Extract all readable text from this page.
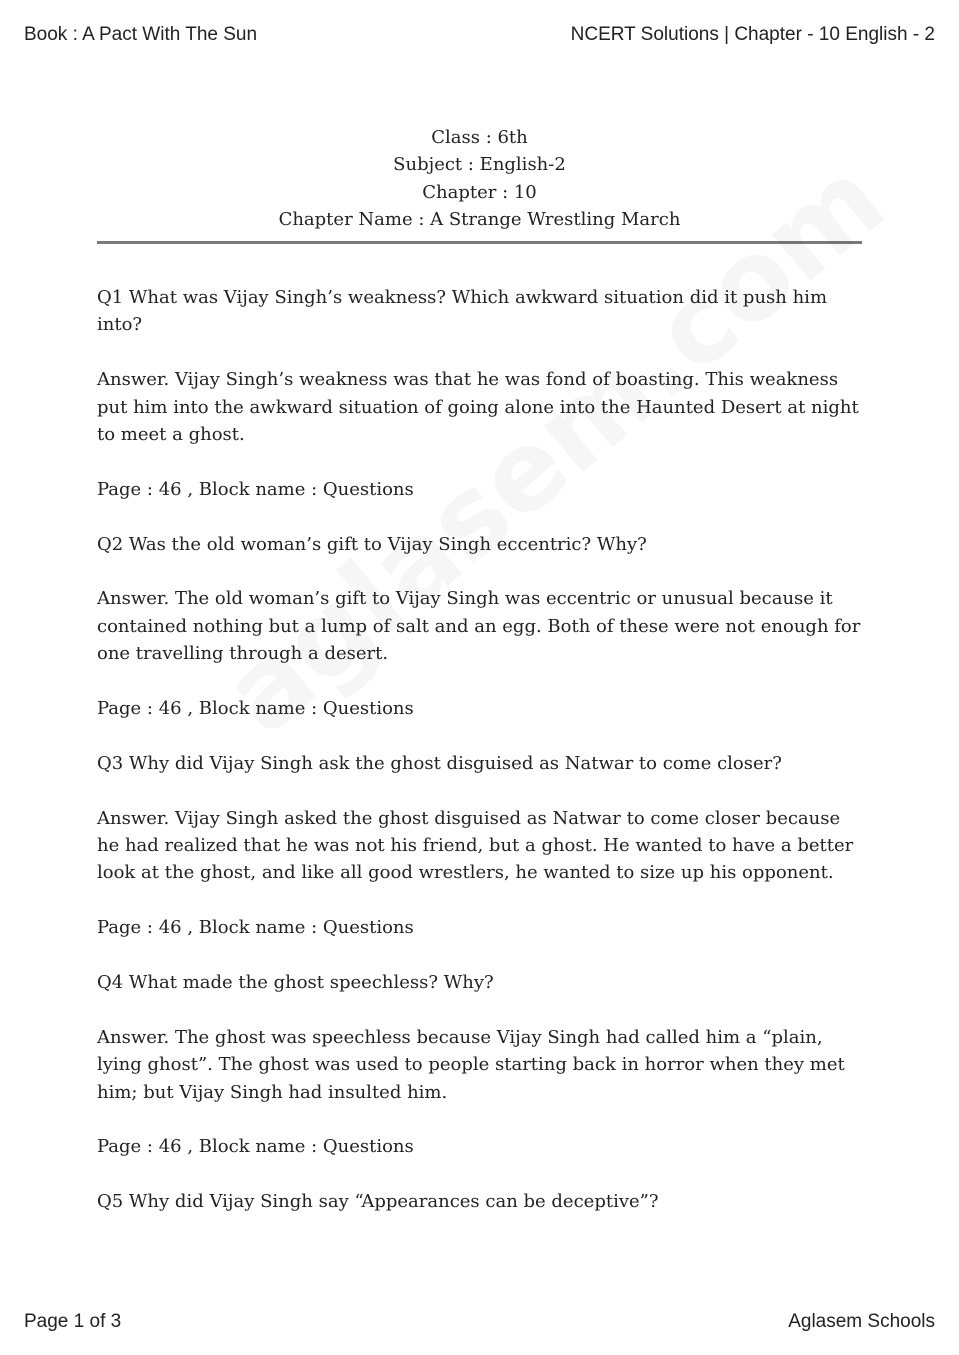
Book : A Pact With The Sun	NCERT Solutions | Chapter - 10 English - 2
Class : 6th
Subject : English-2
Chapter : 10
Chapter Name : A Strange Wrestling March

Q1 What was Vijay Singh’s weakness? Which awkward situation did it push him into?

Answer. Vijay Singh’s weakness was that he was fond of boasting. This weakness put him into the awkward situation of going alone into the Haunted Desert at night to meet a ghost.

Page : 46 , Block name : Questions

Q2 Was the old woman’s gift to Vijay Singh eccentric? Why?

Answer. The old woman’s gift to Vijay Singh was eccentric or unusual because it contained nothing but a lump of salt and an egg. Both of these were not enough for one travelling through a desert.

Page : 46 , Block name : Questions

Q3 Why did Vijay Singh ask the ghost disguised as Natwar to come closer?

Answer. Vijay Singh asked the ghost disguised as Natwar to come closer because he had realized that he was not his friend, but a ghost. He wanted to have a better look at the ghost, and like all good wrestlers, he wanted to size up his opponent.

Page : 46 , Block name : Questions

Q4 What made the ghost speechless? Why?

Answer. The ghost was speechless because Vijay Singh had called him a “plain, lying ghost”. The ghost was used to people starting back in horror when they met him; but Vijay Singh had insulted him.

Page : 46 , Block name : Questions

Q5 Why did Vijay Singh say “Appearances can be deceptive”?

Page 1 of 3	Aglasem Schools
